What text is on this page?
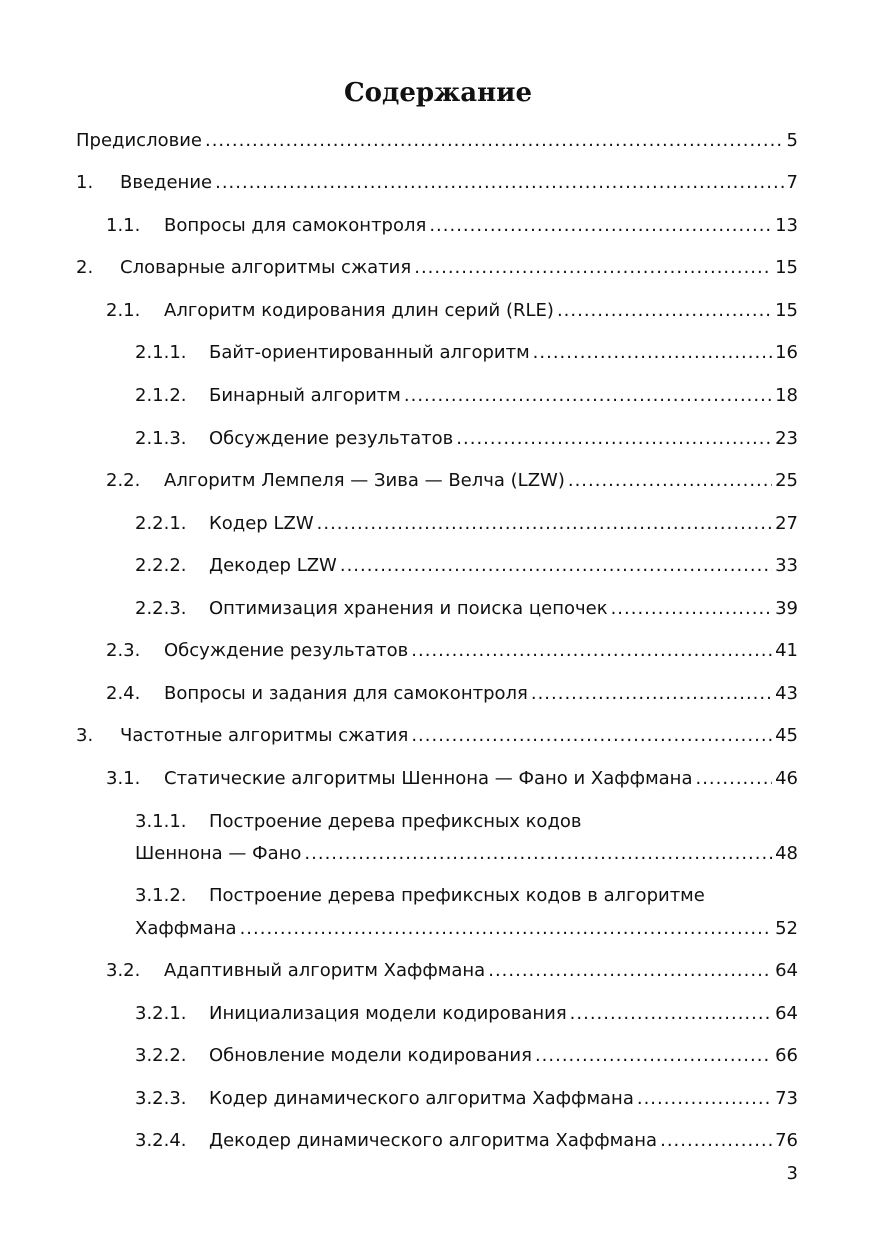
Содержание
Предисловие .....	5
1. Введение .....	7
1.1. Вопросы для самоконтроля .....	13
2. Словарные алгоритмы сжатия .....	15
2.1. Алгоритм кодирования длин серий (RLE) .....	15
2.1.1. Байт-ориентированный алгоритм .....	16
2.1.2. Бинарный алгоритм .....	18
2.1.3. Обсуждение результатов .....	23
2.2. Алгоритм Лемпеля — Зива — Велча (LZW) .....	25
2.2.1. Кодер LZW .....	27
2.2.2. Декодер LZW .....	33
2.2.3. Оптимизация хранения и поиска цепочек .....	39
2.3. Обсуждение результатов .....	41
2.4. Вопросы и задания для самоконтроля .....	43
3. Частотные алгоритмы сжатия .....	45
3.1. Статические алгоритмы Шеннона — Фано и Хаффмана .....	46
3.1.1. Построение дерева префиксных кодов
Шеннона — Фано .....	48
3.1.2. Построение дерева префиксных кодов в алгоритме
Хаффмана .....	52
3.2. Адаптивный алгоритм Хаффмана .....	64
3.2.1. Инициализация модели кодирования .....	64
3.2.2. Обновление модели кодирования .....	66
3.2.3. Кодер динамического алгоритма Хаффмана .....	73
3.2.4. Декодер динамического алгоритма Хаффмана .....	76
3
